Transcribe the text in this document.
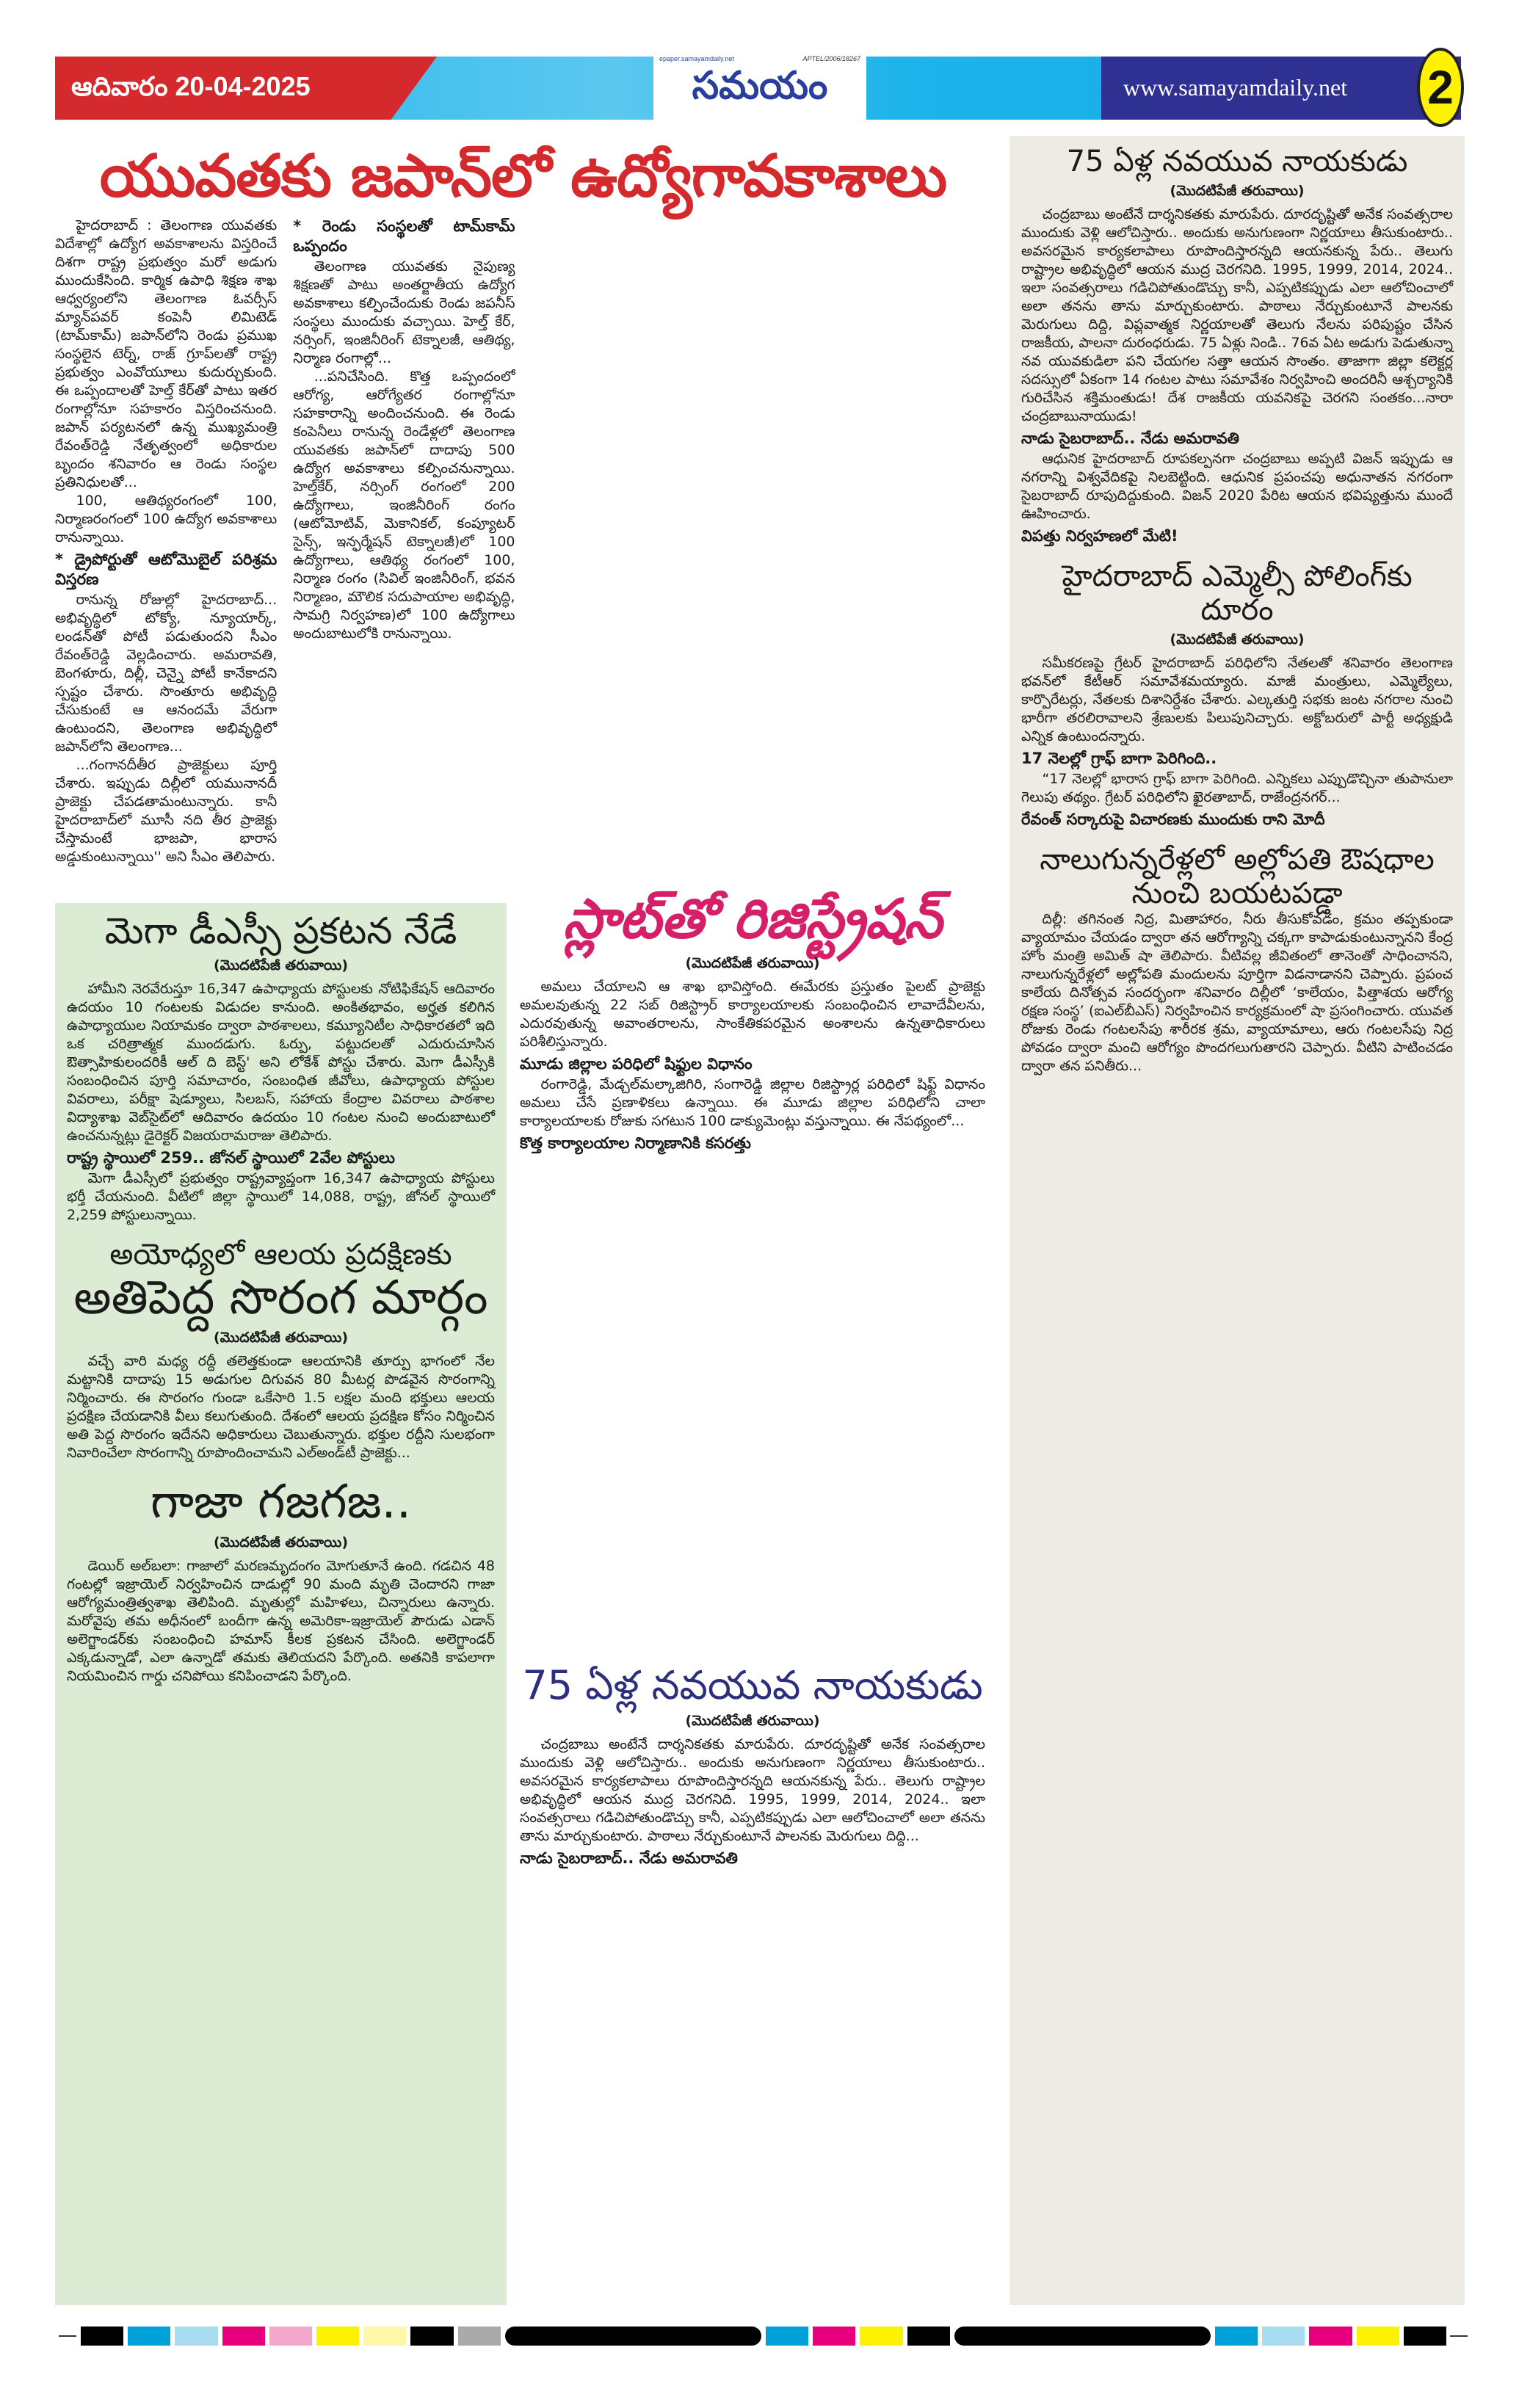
ఆదివారం 20-04-2025
epaper.samayamdaily.net	APTEL/2006/18267
సమయం	www.samayamdaily.net 2
యువతకు జపాన్‌లో ఉద్యోగావకాశాలు

హైదరాబాద్ : తెలంగాణ యువతకు విదేశాల్లో ఉద్యోగ అవకాశాలను విస్తరించే దిశగా రాష్ట్ర ప్రభుత్వం మరో అడుగు ముందుకేసింది. కార్మిక ఉపాధి శిక్షణ శాఖ ఆధ్వర్యంలోని తెలంగాణ ఓవర్సీస్ మ్యాన్‌పవర్ కంపెనీ లిమిటెడ్ (టామ్‌కామ్) జపాన్‌లోని రెండు ప్రముఖ సంస్థలైన టెర్న్, రాజ్ గ్రూప్‌లతో రాష్ట్ర ప్రభుత్వం ఎంవోయూలు కుదుర్చుకుంది. ఈ ఒప్పందాలతో హెల్త్ కేర్‌తో పాటు ఇతర రంగాల్లోనూ సహకారం విస్తరించనుంది. జపాన్ పర్యటనలో ఉన్న ముఖ్యమంత్రి రేవంత్‌రెడ్డి నేతృత్వంలో అధికారుల బృందం శనివారం ఆ రెండు సంస్థల ప్రతినిధులతో...

100, ఆతిథ్యరంగంలో 100, నిర్మాణరంగంలో 100 ఉద్యోగ అవకాశాలు రానున్నాయి.

* డ్రైపోర్టుతో ఆటోమొబైల్ పరిశ్రమ విస్తరణ

రానున్న రోజుల్లో హైదరాబాద్... అభివృద్ధిలో టోక్యో, న్యూయార్క్, లండన్‌తో పోటీ పడుతుందని సీఎం రేవంత్‌రెడ్డి వెల్లడించారు. అమరావతి, బెంగళూరు, దిల్లీ, చెన్నై పోటీ కానేకాదని స్పష్టం చేశారు. సొంతూరు అభివృద్ధి చేసుకుంటే ఆ ఆనందమే వేరుగా ఉంటుందని, తెలంగాణ అభివృద్ధిలో జపాన్‌లోని తెలంగాణ...

...గంగానదీతీర ప్రాజెక్టులు పూర్తి చేశారు. ఇప్పుడు దిల్లీలో యమునానదీ ప్రాజెక్టు చేపడతామంటున్నారు. కానీ హైదరాబాద్‌లో మూసీ నది తీర ప్రాజెక్టు చేస్తామంటే భాజపా, భారాస అడ్డుకుంటున్నాయి'' అని సీఎం తెలిపారు.

* రెండు సంస్థలతో టామ్‌కామ్ ఒప్పందం

తెలంగాణ యువతకు నైపుణ్య శిక్షణతో పాటు అంతర్జాతీయ ఉద్యోగ అవకాశాలు కల్పించేందుకు రెండు జపనీస్ సంస్థలు ముందుకు వచ్చాయి. హెల్త్ కేర్, నర్సింగ్, ఇంజినీరింగ్ టెక్నాలజీ, ఆతిథ్య, నిర్మాణ రంగాల్లో...

...పనిచేసింది. కొత్త ఒప్పందంలో ఆరోగ్య, ఆరోగ్యేతర రంగాల్లోనూ సహకారాన్ని అందించనుంది. ఈ రెండు కంపెనీలు రానున్న రెండేళ్లలో తెలంగాణ యువతకు జపాన్‌లో దాదాపు 500 ఉద్యోగ అవకాశాలు కల్పించనున్నాయి. హెల్త్‌కేర్, నర్సింగ్ రంగంలో 200 ఉద్యోగాలు, ఇంజినీరింగ్ రంగం (ఆటోమోటివ్, మెకానికల్, కంప్యూటర్ సైన్స్, ఇన్ఫర్మేషన్ టెక్నాలజీ)లో 100 ఉద్యోగాలు, ఆతిథ్య రంగంలో 100, నిర్మాణ రంగం (సివిల్ ఇంజినీరింగ్, భవన నిర్మాణం, మౌలిక సదుపాయాల అభివృద్ధి, సామగ్రి నిర్వహణ)లో 100 ఉద్యోగాలు అందుబాటులోకి రానున్నాయి.

75 ఏళ్ల నవయువ నాయకుడు
(మొదటిపేజీ తరువాయి)

చంద్రబాబు అంటేనే దార్శనికతకు మారుపేరు. దూరదృష్టితో అనేక సంవత్సరాల ముందుకు వెళ్లి ఆలోచిస్తారు.. అందుకు అనుగుణంగా నిర్ణయాలు తీసుకుంటారు.. అవసరమైన కార్యకలాపాలు రూపొందిస్తారన్నది ఆయనకున్న పేరు.. తెలుగు రాష్ట్రాల అభివృద్ధిలో ఆయన ముద్ర చెరగనిది. 1995, 1999, 2014, 2024.. ఇలా సంవత్సరాలు గడిచిపోతుండొచ్చు కానీ, ఎప్పటికప్పుడు ఎలా ఆలోచించాలో అలా తనను తాను మార్చుకుంటారు. పాఠాలు నేర్చుకుంటూనే పాలనకు మెరుగులు దిద్ది, విప్లవాత్మక నిర్ణయాలతో తెలుగు నేలను పరిపుష్టం చేసిన రాజకీయ, పాలనా దురంధరుడు. 75 ఏళ్లు నిండి.. 76వ ఏట అడుగు పెడుతున్నా నవ యువకుడిలా పని చేయగల సత్తా ఆయన సొంతం. తాజాగా జిల్లా కలెక్టర్ల సదస్సులో ఏకంగా 14 గంటల పాటు సమావేశం నిర్వహించి అందరినీ ఆశ్చర్యానికి గురిచేసిన శక్తిమంతుడు! దేశ రాజకీయ యవనికపై చెరగని సంతకం...నారా చంద్రబాబునాయుడు!

నాడు సైబరాబాద్.. నేడు అమరావతి

ఆధునిక హైదరాబాద్ రూపకల్పనగా చంద్రబాబు అప్పటి విజన్ ఇప్పుడు ఆ నగరాన్ని విశ్వవేదికపై నిలబెట్టింది. ఆధునిక ప్రపంచపు అధునాతన నగరంగా సైబరాబాద్ రూపుదిద్దుకుంది. విజన్ 2020 పేరిట ఆయన భవిష్యత్తును ముందే ఊహించారు.

విపత్తు నిర్వహణలో మేటి!

హైదరాబాద్ ఎమ్మెల్సీ పోలింగ్‌కు దూరం
(మొదటిపేజీ తరువాయి)

సమీకరణపై గ్రేటర్ హైదరాబాద్ పరిధిలోని నేతలతో శనివారం తెలంగాణ భవన్‌లో కేటీఆర్ సమావేశమయ్యారు. మాజీ మంత్రులు, ఎమ్మెల్యేలు, కార్పొరేటర్లు, నేతలకు దిశానిర్దేశం చేశారు. ఎల్కతుర్తి సభకు జంట నగరాల నుంచి భారీగా తరలిరావాలని శ్రేణులకు పిలుపునిచ్చారు. అక్టోబరులో పార్టీ అధ్యక్షుడి ఎన్నిక ఉంటుందన్నారు.

17 నెలల్లో గ్రాఫ్ బాగా పెరిగింది..

“17 నెలల్లో భారాస గ్రాఫ్ బాగా పెరిగింది. ఎన్నికలు ఎప్పుడొచ్చినా తుపానులా గెలుపు తథ్యం. గ్రేటర్ పరిధిలోని ఖైరతాబాద్, రాజేంద్రనగర్...

రేవంత్ సర్కారుపై విచారణకు ముందుకు రాని మోదీ

నాలుగున్నరేళ్లలో అల్లోపతి ఔషధాల నుంచి బయటపడ్డా

దిల్లీ: తగినంత నిద్ర, మితాహారం, నీరు తీసుకోవడం, క్రమం తప్పకుండా వ్యాయామం చేయడం ద్వారా తన ఆరోగ్యాన్ని చక్కగా కాపాడుకుంటున్నానని కేంద్ర హోం మంత్రి అమిత్ షా తెలిపారు. వీటివల్ల జీవితంలో తానెంతో సాధించానని, నాలుగున్నరేళ్లలో అల్లోపతి మందులను పూర్తిగా విడనాడానని చెప్పారు. ప్రపంచ కాలేయ దినోత్సవ సందర్భంగా శనివారం దిల్లీలో ‘కాలేయం, పిత్తాశయ ఆరోగ్య రక్షణ సంస్థ’ (ఐఎల్‌బీఎస్) నిర్వహించిన కార్యక్రమంలో షా ప్రసంగించారు. యువత రోజుకు రెండు గంటలసేపు శారీరక శ్రమ, వ్యాయామాలు, ఆరు గంటలసేపు నిద్ర పోవడం ద్వారా మంచి ఆరోగ్యం పొందగలుగుతారని చెప్పారు. వీటిని పాటించడం ద్వారా తన పనితీరు...

మెగా డీఎస్సీ ప్రకటన నేడే
(మొదటిపేజీ తరువాయి)

హామీని నెరవేరుస్తూ 16,347 ఉపాధ్యాయ పోస్టులకు నోటిఫికేషన్ ఆదివారం ఉదయం 10 గంటలకు విడుదల కానుంది. అంకితభావం, అర్హత కలిగిన ఉపాధ్యాయుల నియామకం ద్వారా పాఠశాలలు, కమ్యూనిటీల సాధికారతలో ఇది ఒక చరిత్రాత్మక ముందడుగు. ఓర్పు, పట్టుదలతో ఎదురుచూసిన ఔత్సాహికులందరికీ ఆల్ ది బెస్ట్' అని లోకేశ్ పోస్టు చేశారు. మెగా డీఎస్సీకి సంబంధించిన పూర్తి సమాచారం, సంబంధిత జీవోలు, ఉపాధ్యాయ పోస్టుల వివరాలు, పరీక్షా షెడ్యూలు, సిలబస్, సహాయ కేంద్రాల వివరాలు పాఠశాల విద్యాశాఖ వెబ్‌సైట్‌లో ఆదివారం ఉదయం 10 గంటల నుంచి అందుబాటులో ఉంచనున్నట్లు డైరెక్టర్ విజయరామరాజు తెలిపారు.

రాష్ట్ర స్థాయిలో 259.. జోనల్ స్థాయిలో 2వేల పోస్టులు

మెగా డీఎస్సీలో ప్రభుత్వం రాష్ట్రవ్యాప్తంగా 16,347 ఉపాధ్యాయ పోస్టులు భర్తీ చేయనుంది. వీటిలో జిల్లా స్థాయిలో 14,088, రాష్ట్ర, జోనల్ స్థాయిలో 2,259 పోస్టులున్నాయి.

అయోధ్యలో ఆలయ ప్రదక్షిణకు
అతిపెద్ద సొరంగ మార్గం
(మొదటిపేజీ తరువాయి)

వచ్చే వారి మధ్య రద్దీ తలెత్తకుండా ఆలయానికి తూర్పు భాగంలో నేల మట్టానికి దాదాపు 15 అడుగుల దిగువన 80 మీటర్ల పొడవైన సొరంగాన్ని నిర్మించారు. ఈ సొరంగం గుండా ఒకేసారి 1.5 లక్షల మంది భక్తులు ఆలయ ప్రదక్షిణ చేయడానికి వీలు కలుగుతుంది. దేశంలో ఆలయ ప్రదక్షిణ కోసం నిర్మించిన అతి పెద్ద సొరంగం ఇదేనని అధికారులు చెబుతున్నారు. భక్తుల రద్దీని సులభంగా నివారించేలా సొరంగాన్ని రూపొందించామని ఎల్అండ్‌టీ ప్రాజెక్టు...

గాజా గజగజ..
(మొదటిపేజీ తరువాయి)

డెయిర్ అల్‌బలా: గాజాలో మరణమృదంగం మోగుతూనే ఉంది. గడచిన 48 గంటల్లో ఇజ్రాయెల్ నిర్వహించిన దాడుల్లో 90 మంది మృతి చెందారని గాజా ఆరోగ్యమంత్రిత్వశాఖ తెలిపింది. మృతుల్లో మహిళలు, చిన్నారులు ఉన్నారు. మరోవైపు తమ అధీనంలో బందీగా ఉన్న అమెరికా-ఇజ్రాయెల్ పౌరుడు ఎడాన్ అలెగ్జాండర్‌కు సంబంధించి హమాస్ కీలక ప్రకటన చేసింది. అలెగ్జాండర్ ఎక్కడున్నాడో, ఎలా ఉన్నాడో తమకు తెలియదని పేర్కొంది. అతనికి కాపలాగా నియమించిన గార్డు చనిపోయి కనిపించాడని పేర్కొంది.

స్లాట్‌తో రిజిస్ట్రేషన్
(మొదటిపేజీ తరువాయి)

అమలు చేయాలని ఆ శాఖ భావిస్తోంది. ఈమేరకు ప్రస్తుతం పైలట్ ప్రాజెక్టు అమలవుతున్న 22 సబ్ రిజిస్ట్రార్ కార్యాలయాలకు సంబంధించిన లావాదేవీలను, ఎదురవుతున్న అవాంతరాలను, సాంకేతికపరమైన అంశాలను ఉన్నతాధికారులు పరిశీలిస్తున్నారు.

మూడు జిల్లాల పరిధిలో షిఫ్టుల విధానం

రంగారెడ్డి, మేడ్చల్‌మల్కాజిగిరి, సంగారెడ్డి జిల్లాల రిజిస్ట్రార్ల పరిధిలో షిఫ్ట్ విధానం అమలు చేసే ప్రణాళికలు ఉన్నాయి. ఈ మూడు జిల్లాల పరిధిలోని చాలా కార్యాలయాలకు రోజుకు సగటున 100 డాక్యుమెంట్లు వస్తున్నాయి. ఈ నేపథ్యంలో...

కొత్త కార్యాలయాల నిర్మాణానికి కసరత్తు

75 ఏళ్ల నవయువ నాయకుడు
(మొదటిపేజీ తరువాయి)

చంద్రబాబు అంటేనే దార్శనికతకు మారుపేరు. దూరదృష్టితో అనేక సంవత్సరాల ముందుకు వెళ్లి ఆలోచిస్తారు.. అందుకు అనుగుణంగా నిర్ణయాలు తీసుకుంటారు.. అవసరమైన కార్యకలాపాలు రూపొందిస్తారన్నది ఆయనకున్న పేరు.. తెలుగు రాష్ట్రాల అభివృద్ధిలో ఆయన ముద్ర చెరగనిది. 1995, 1999, 2014, 2024.. ఇలా సంవత్సరాలు గడిచిపోతుండొచ్చు కానీ, ఎప్పటికప్పుడు ఎలా ఆలోచించాలో అలా తనను తాను మార్చుకుంటారు. పాఠాలు నేర్చుకుంటూనే పాలనకు మెరుగులు దిద్ది...

నాడు సైబరాబాద్.. నేడు అమరావతి
